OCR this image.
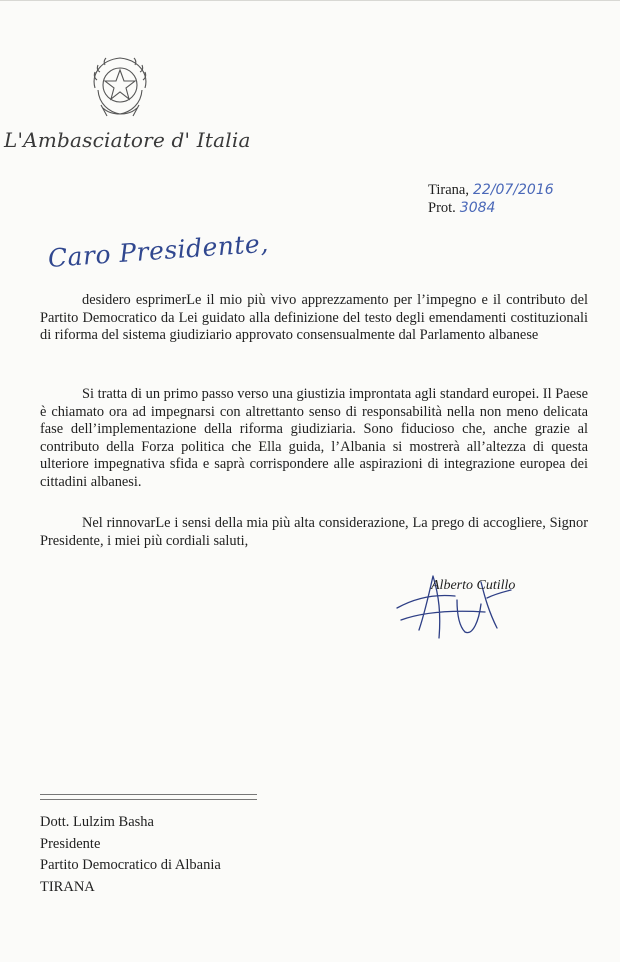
L'Ambasciatore d' Italia
Tirana, 22/07/2016
Prot. 3084
Caro Presidente,
desidero esprimerLe il mio più vivo apprezzamento per l’impegno e il contributo del Partito Democratico da Lei guidato alla definizione del testo degli emendamenti costituzionali di riforma del sistema giudiziario approvato consensualmente dal Parlamento albanese
Si tratta di un primo passo verso una giustizia improntata agli standard europei. Il Paese è chiamato ora ad impegnarsi con altrettanto senso di responsabilità nella non meno delicata fase dell’implementazione della riforma giudiziaria. Sono fiducioso che, anche grazie al contributo della Forza politica che Ella guida, l’Albania si mostrerà all’altezza di questa ulteriore impegnativa sfida e saprà corrispondere alle aspirazioni di integrazione europea dei cittadini albanesi.
Nel rinnovarLe i sensi della mia più alta considerazione, La prego di accogliere, Signor Presidente, i miei più cordiali saluti,
Alberto Cutillo
Dott. Lulzim Basha
Presidente
Partito Democratico di Albania
TIRANA
